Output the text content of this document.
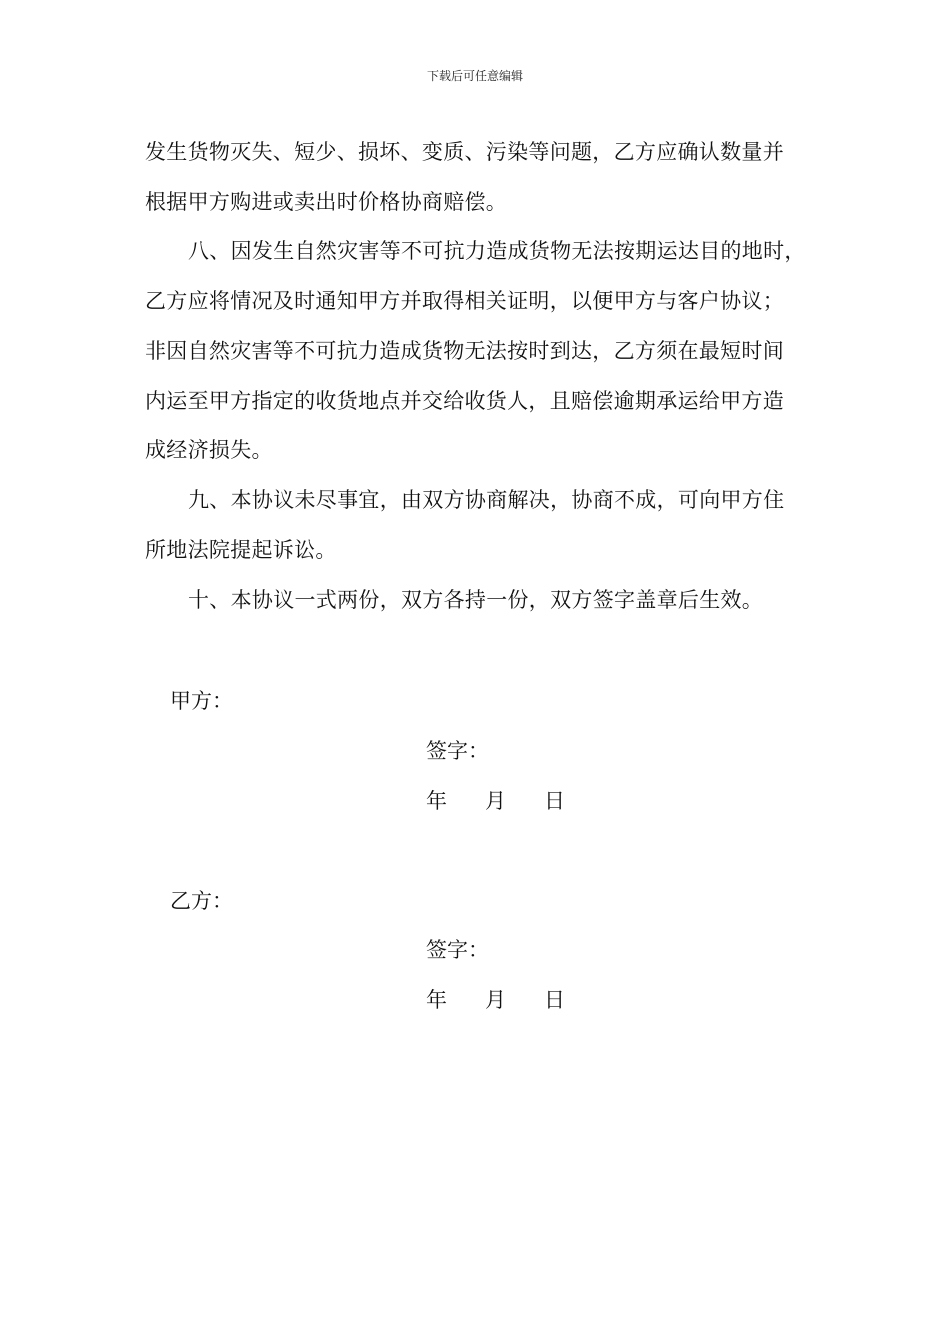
下载后可任意编辑
发生货物灭失、短少、损坏、变质、污染等问题，乙方应确认数量并
根据甲方购进或卖出时价格协商赔偿。
八、因发生自然灾害等不可抗力造成货物无法按期运达目的地时，
乙方应将情况及时通知甲方并取得相关证明，以便甲方与客户协议；
非因自然灾害等不可抗力造成货物无法按时到达，乙方须在最短时间
内运至甲方指定的收货地点并交给收货人，且赔偿逾期承运给甲方造
成经济损失。
九、本协议未尽事宜，由双方协商解决，协商不成，可向甲方住
所地法院提起诉讼。
十、本协议一式两份，双方各持一份，双方签字盖章后生效。
甲方：
签字：
年 月 日
乙方：
签字：
年 月 日
